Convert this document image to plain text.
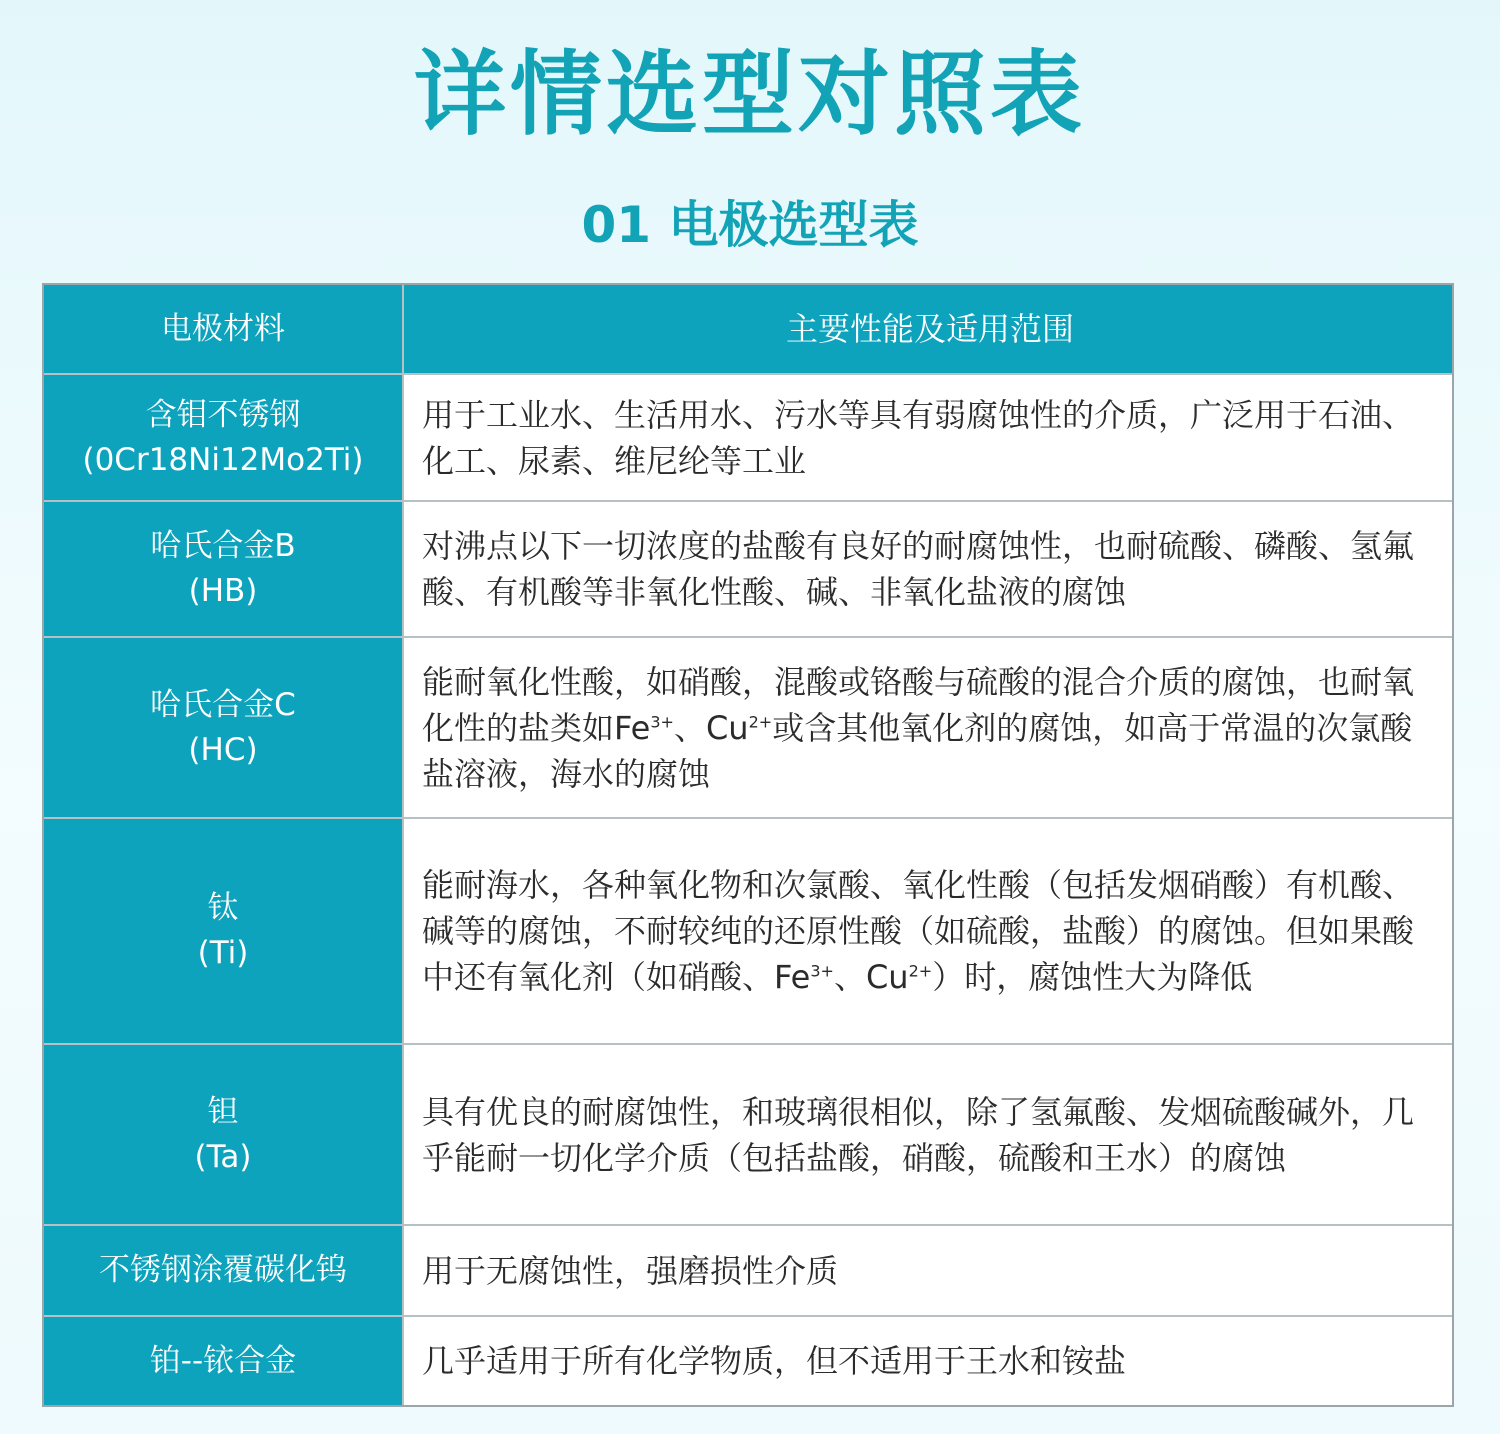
详情选型对照表
01 电极选型表
电极材料	主要性能及适用范围
含钼不锈钢
(0Cr18Ni12Mo2Ti)
用于工业水、生活用水、污水等具有弱腐蚀性的介质，广泛用于石油、化工、尿素、维尼纶等工业
哈氏合金B
(HB)
对沸点以下一切浓度的盐酸有良好的耐腐蚀性，也耐硫酸、磷酸、氢氟酸、有机酸等非氧化性酸、碱、非氧化盐液的腐蚀
哈氏合金C
(HC)
能耐氧化性酸，如硝酸，混酸或铬酸与硫酸的混合介质的腐蚀，也耐氧化性的盐类如$Fe^{3+}$、$Cu^{2+}$或含其他氧化剂的腐蚀，如高于常温的次氯酸盐溶液，海水的腐蚀
钛
(Ti)
能耐海水，各种氧化物和次氯酸、氧化性酸（包括发烟硝酸）有机酸、碱等的腐蚀，不耐较纯的还原性酸（如硫酸，盐酸）的腐蚀。但如果酸中还有氧化剂（如硝酸、$Fe^{3+}$、$Cu^{2+}$）时，腐蚀性大为降低
钽
(Ta)
具有优良的耐腐蚀性，和玻璃很相似，除了氢氟酸、发烟硫酸碱外，几乎能耐一切化学介质（包括盐酸，硝酸，硫酸和王水）的腐蚀
不锈钢涂覆碳化钨 用于无腐蚀性，强磨损性介质
铂--铱合金	几乎适用于所有化学物质，但不适用于王水和铵盐
